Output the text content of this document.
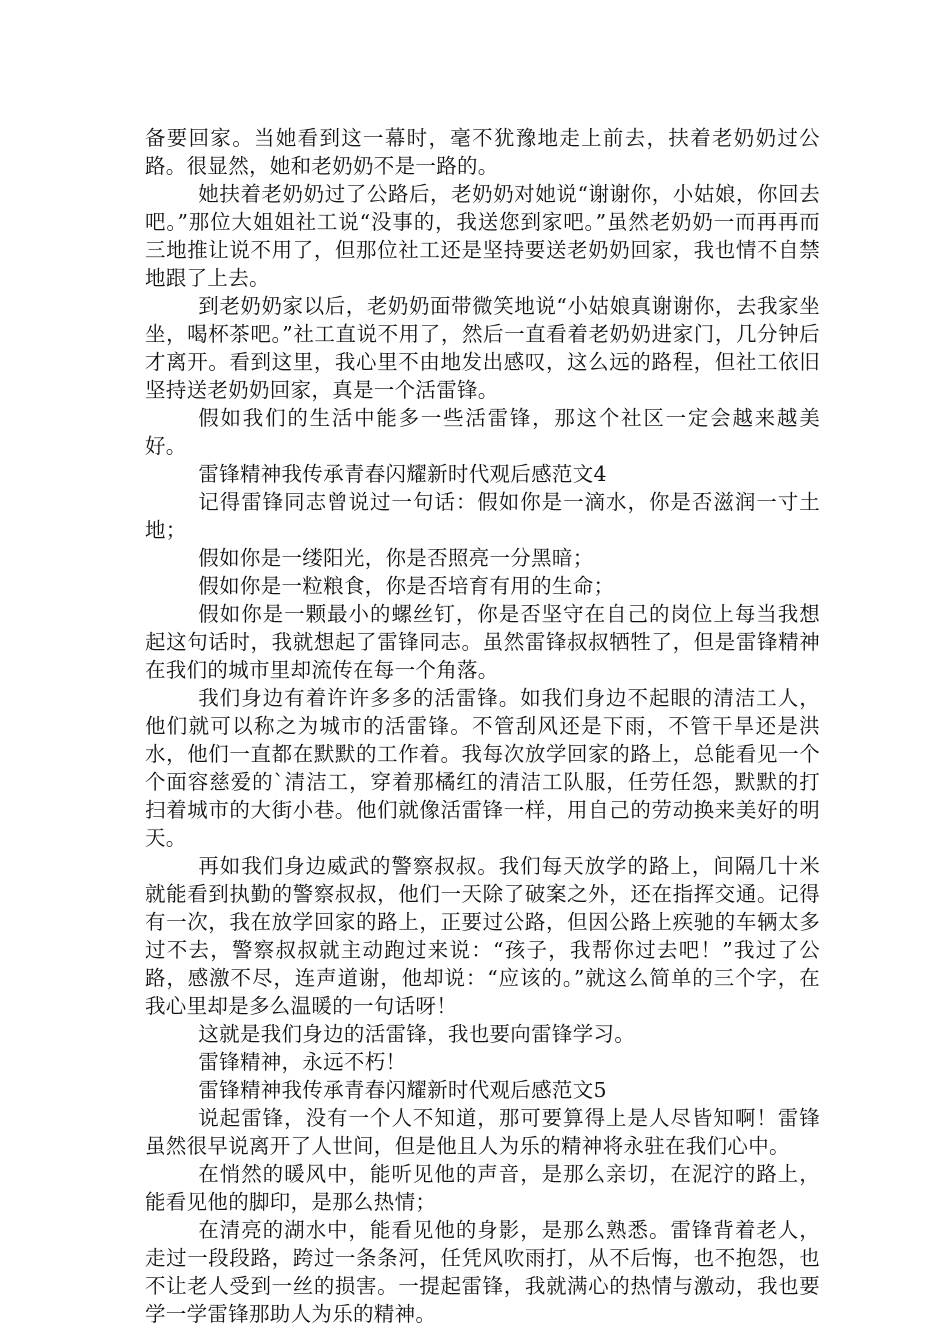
备要回家。当她看到这一幕时，毫不犹豫地走上前去，扶着老奶奶过公路。很显然，她和老奶奶不是一路的。

她扶着老奶奶过了公路后，老奶奶对她说“谢谢你，小姑娘，你回去吧。”那位大姐姐社工说“没事的，我送您到家吧。”虽然老奶奶一而再再而三地推让说不用了，但那位社工还是坚持要送老奶奶回家，我也情不自禁地跟了上去。

到老奶奶家以后，老奶奶面带微笑地说“小姑娘真谢谢你，去我家坐坐，喝杯茶吧。”社工直说不用了，然后一直看着老奶奶进家门，几分钟后才离开。看到这里，我心里不由地发出感叹，这么远的路程，但社工依旧坚持送老奶奶回家，真是一个活雷锋。

假如我们的生活中能多一些活雷锋，那这个社区一定会越来越美好。

雷锋精神我传承青春闪耀新时代观后感范文4

记得雷锋同志曾说过一句话：假如你是一滴水，你是否滋润一寸土地；

假如你是一缕阳光，你是否照亮一分黑暗；

假如你是一粒粮食，你是否培育有用的生命；

假如你是一颗最小的螺丝钉，你是否坚守在自己的岗位上每当我想起这句话时，我就想起了雷锋同志。虽然雷锋叔叔牺牲了，但是雷锋精神在我们的城市里却流传在每一个角落。

我们身边有着许许多多的活雷锋。如我们身边不起眼的清洁工人，他们就可以称之为城市的活雷锋。不管刮风还是下雨，不管干旱还是洪水，他们一直都在默默的工作着。我每次放学回家的路上，总能看见一个个面容慈爱的`清洁工，穿着那橘红的清洁工队服，任劳任怨，默默的打扫着城市的大街小巷。他们就像活雷锋一样，用自己的劳动换来美好的明天。

再如我们身边威武的警察叔叔。我们每天放学的路上，间隔几十米就能看到执勤的警察叔叔，他们一天除了破案之外，还在指挥交通。记得有一次，我在放学回家的路上，正要过公路，但因公路上疾驰的车辆太多过不去，警察叔叔就主动跑过来说：“孩子，我帮你过去吧！”我过了公路，感激不尽，连声道谢，他却说：“应该的。”就这么简单的三个字，在我心里却是多么温暖的一句话呀！

这就是我们身边的活雷锋，我也要向雷锋学习。

雷锋精神，永远不朽！

雷锋精神我传承青春闪耀新时代观后感范文5

说起雷锋，没有一个人不知道，那可要算得上是人尽皆知啊！雷锋虽然很早说离开了人世间，但是他且人为乐的精神将永驻在我们心中。

在悄然的暖风中，能听见他的声音，是那么亲切，在泥泞的路上，能看见他的脚印，是那么热情；

在清亮的湖水中，能看见他的身影，是那么熟悉。雷锋背着老人，走过一段段路，跨过一条条河，任凭风吹雨打，从不后悔，也不抱怨，也不让老人受到一丝的损害。一提起雷锋，我就满心的热情与激动，我也要学一学雷锋那助人为乐的精神。
